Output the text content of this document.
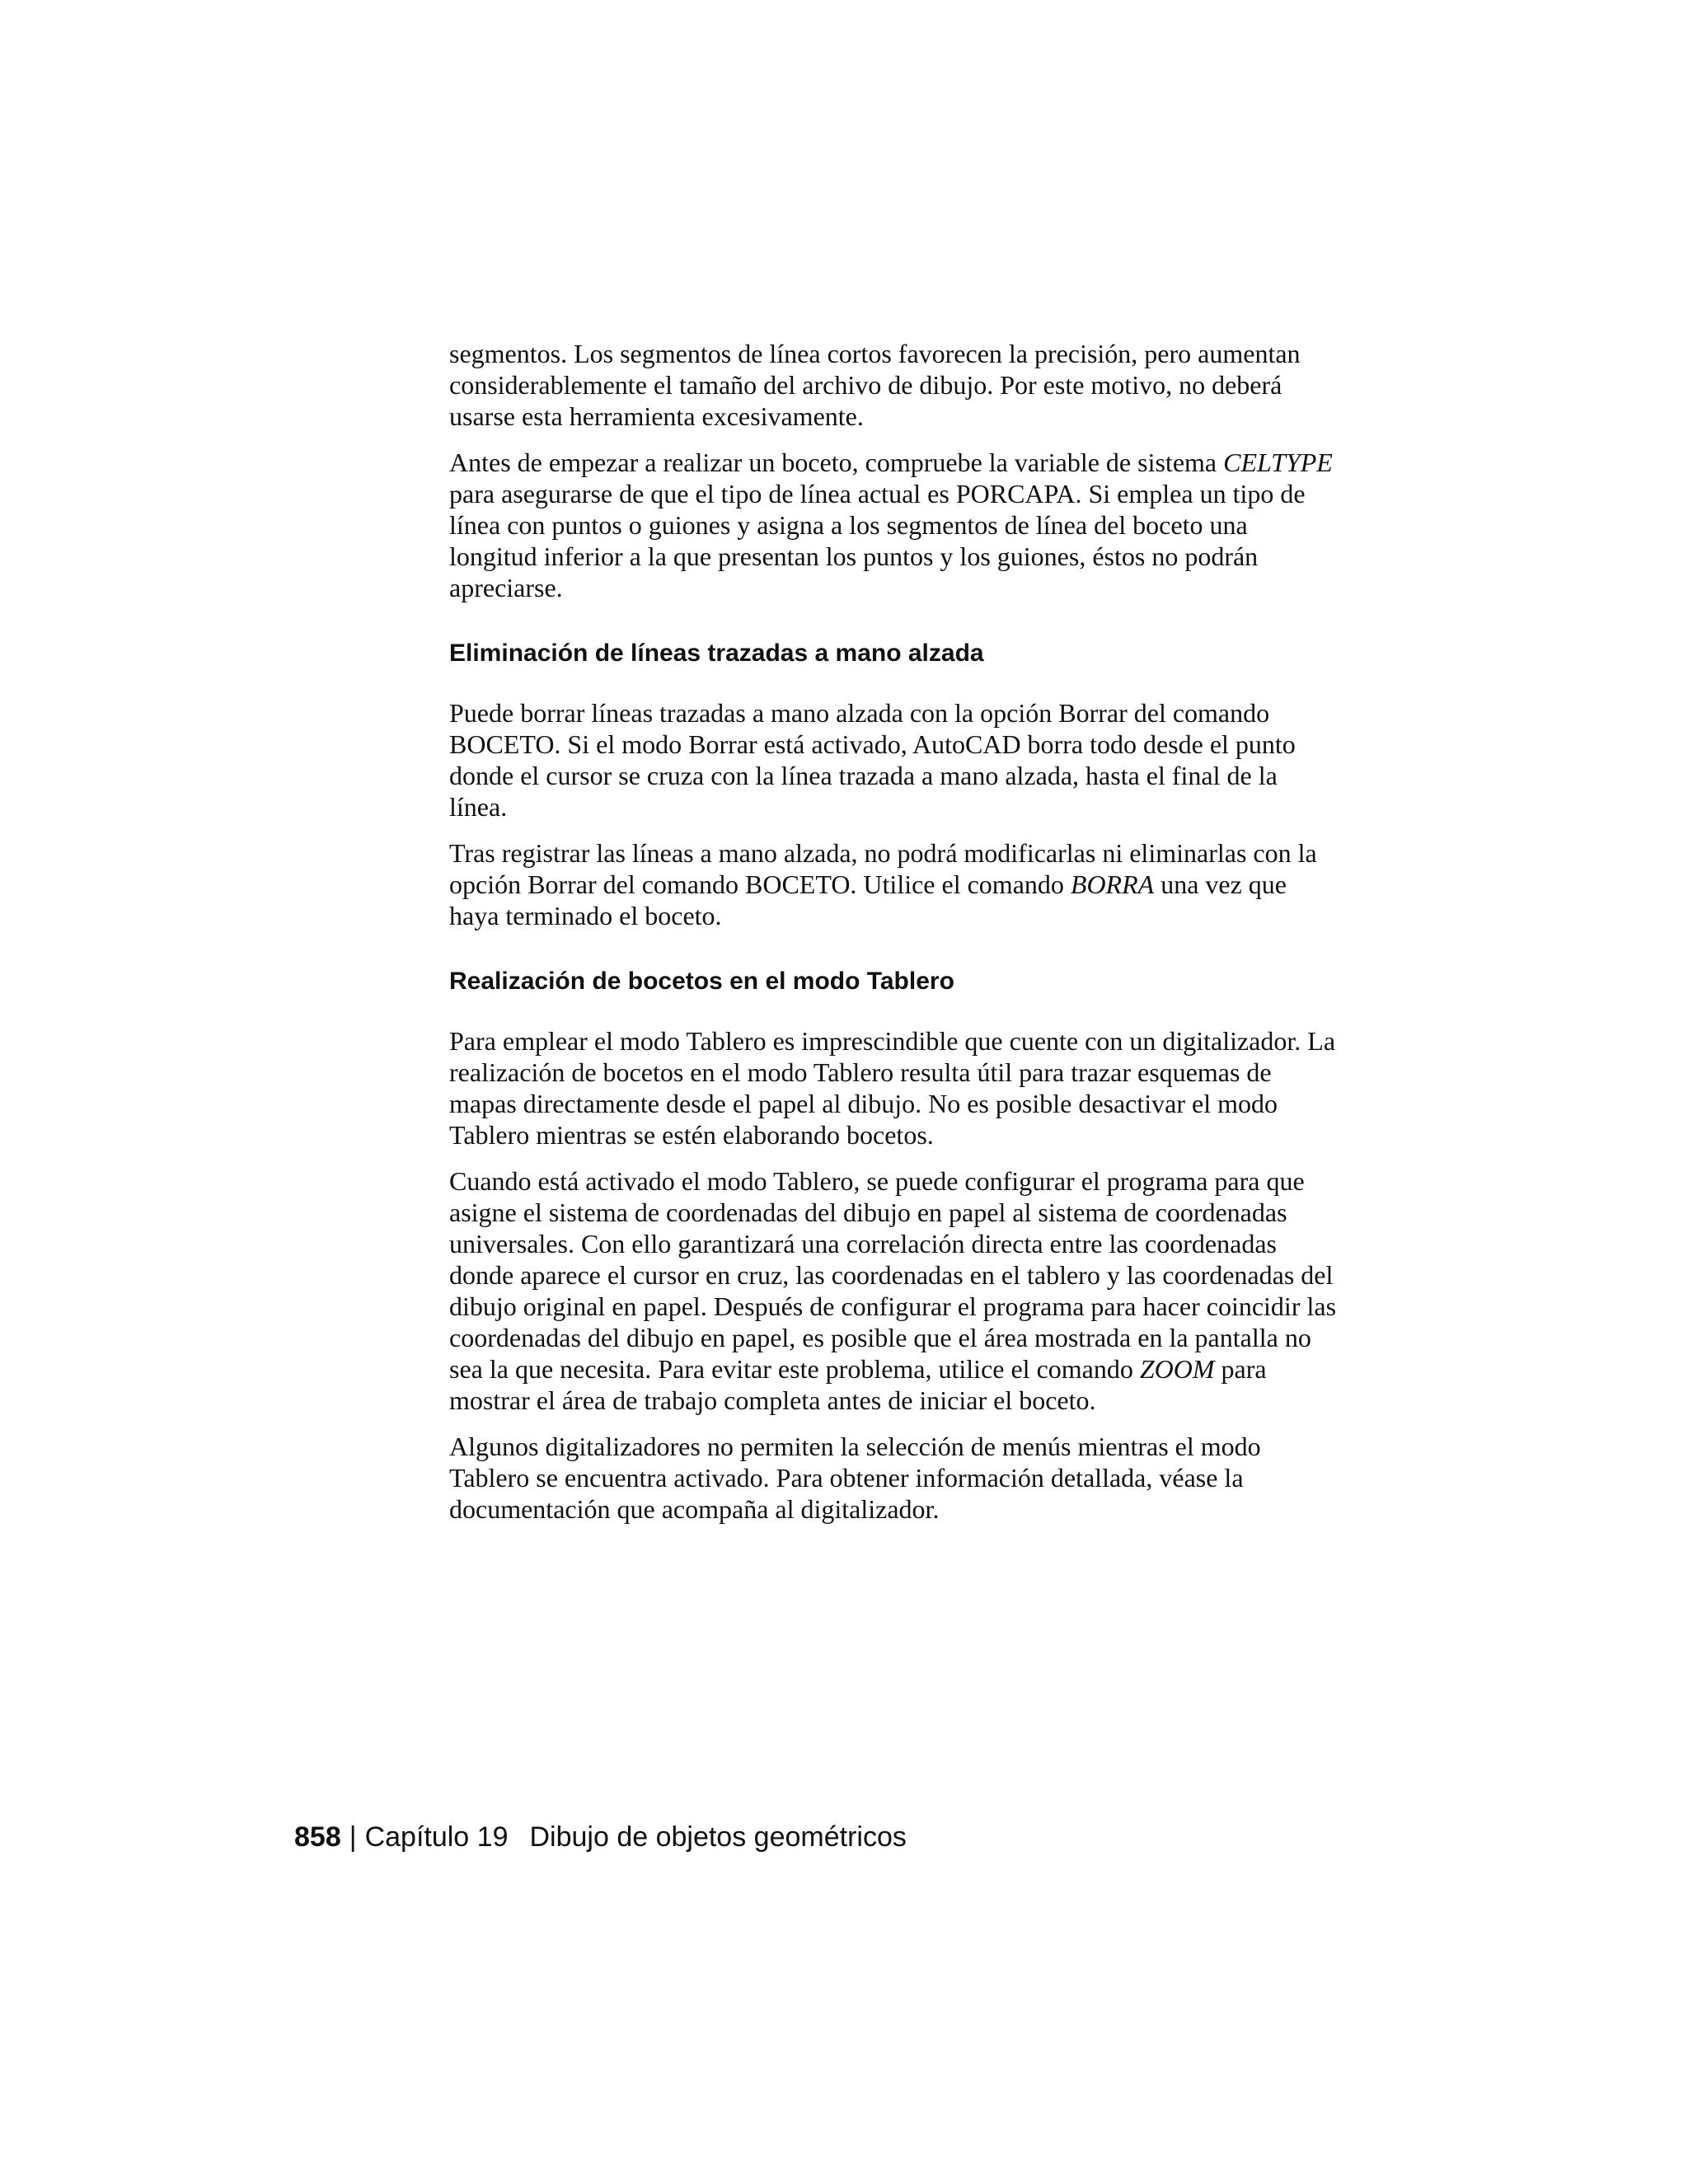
segmentos. Los segmentos de línea cortos favorecen la precisión, pero aumentan considerablemente el tamaño del archivo de dibujo. Por este motivo, no deberá usarse esta herramienta excesivamente.

Antes de empezar a realizar un boceto, compruebe la variable de sistema CELTYPE para asegurarse de que el tipo de línea actual es PORCAPA. Si emplea un tipo de línea con puntos o guiones y asigna a los segmentos de línea del boceto una longitud inferior a la que presentan los puntos y los guiones, éstos no podrán apreciarse.

Eliminación de líneas trazadas a mano alzada

Puede borrar líneas trazadas a mano alzada con la opción Borrar del comando BOCETO. Si el modo Borrar está activado, AutoCAD borra todo desde el punto donde el cursor se cruza con la línea trazada a mano alzada, hasta el final de la línea.

Tras registrar las líneas a mano alzada, no podrá modificarlas ni eliminarlas con la opción Borrar del comando BOCETO. Utilice el comando BORRA una vez que haya terminado el boceto.

Realización de bocetos en el modo Tablero

Para emplear el modo Tablero es imprescindible que cuente con un digitalizador. La realización de bocetos en el modo Tablero resulta útil para trazar esquemas de mapas directamente desde el papel al dibujo. No es posible desactivar el modo Tablero mientras se estén elaborando bocetos.

Cuando está activado el modo Tablero, se puede configurar el programa para que asigne el sistema de coordenadas del dibujo en papel al sistema de coordenadas universales. Con ello garantizará una correlación directa entre las coordenadas donde aparece el cursor en cruz, las coordenadas en el tablero y las coordenadas del dibujo original en papel. Después de configurar el programa para hacer coincidir las coordenadas del dibujo en papel, es posible que el área mostrada en la pantalla no sea la que necesita. Para evitar este problema, utilice el comando ZOOM para mostrar el área de trabajo completa antes de iniciar el boceto.

Algunos digitalizadores no permiten la selección de menús mientras el modo Tablero se encuentra activado. Para obtener información detallada, véase la documentación que acompaña al digitalizador.

858 | Capítulo 19 Dibujo de objetos geométricos
